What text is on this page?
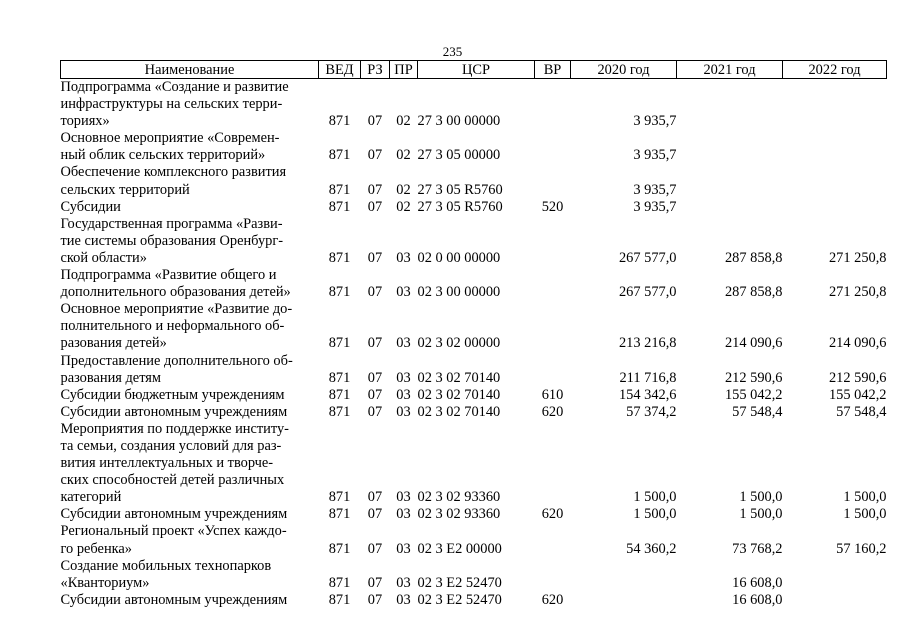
235
Наименование	ВЕД	РЗ	ПР	ЦСР	ВР	2020 год	2021 год	2022 год

Подпрограмма «Создание и развитие
инфраструктуры на сельских терри-
ториях»	871	07	02	27 3 00 00000		3 935,7		

Основное мероприятие «Современ-
ный облик сельских территорий»	871	07	02	27 3 05 00000		3 935,7		

Обеспечение комплексного развития
сельских территорий	871	07	02	27 3 05 R5760		3 935,7		

Субсидии	871	07	02	27 3 05 R5760	520	3 935,7		

Государственная программа «Разви-
тие системы образования Оренбург-
ской области»	871	07	03	02 0 00 00000		267 577,0	287 858,8	271 250,8

Подпрограмма «Развитие общего и
дополнительного образования детей»	871	07	03	02 3 00 00000		267 577,0	287 858,8	271 250,8

Основное мероприятие «Развитие до-
полнительного и неформального об-
разования детей»	871	07	03	02 3 02 00000		213 216,8	214 090,6	214 090,6

Предоставление дополнительного об-
разования детям	871	07	03	02 3 02 70140		211 716,8	212 590,6	212 590,6

Субсидии бюджетным учреждениям	871	07	03	02 3 02 70140	610	154 342,6	155 042,2	155 042,2

Субсидии автономным учреждениям	871	07	03	02 3 02 70140	620	57 374,2	57 548,4	57 548,4

Мероприятия по поддержке институ-
та семьи, создания условий для раз-
вития интеллектуальных и творче-
ских способностей детей различных
категорий	871	07	03	02 3 02 93360		1 500,0	1 500,0	1 500,0

Субсидии автономным учреждениям	871	07	03	02 3 02 93360	620	1 500,0	1 500,0	1 500,0

Региональный проект «Успех каждо-
го ребенка»	871	07	03	02 3 E2 00000		54 360,2	73 768,2	57 160,2

Создание мобильных технопарков
«Кванториум»	871	07	03	02 3 E2 52470			16 608,0	

Субсидии автономным учреждениям	871	07	03	02 3 E2 52470	620		16 608,0	
